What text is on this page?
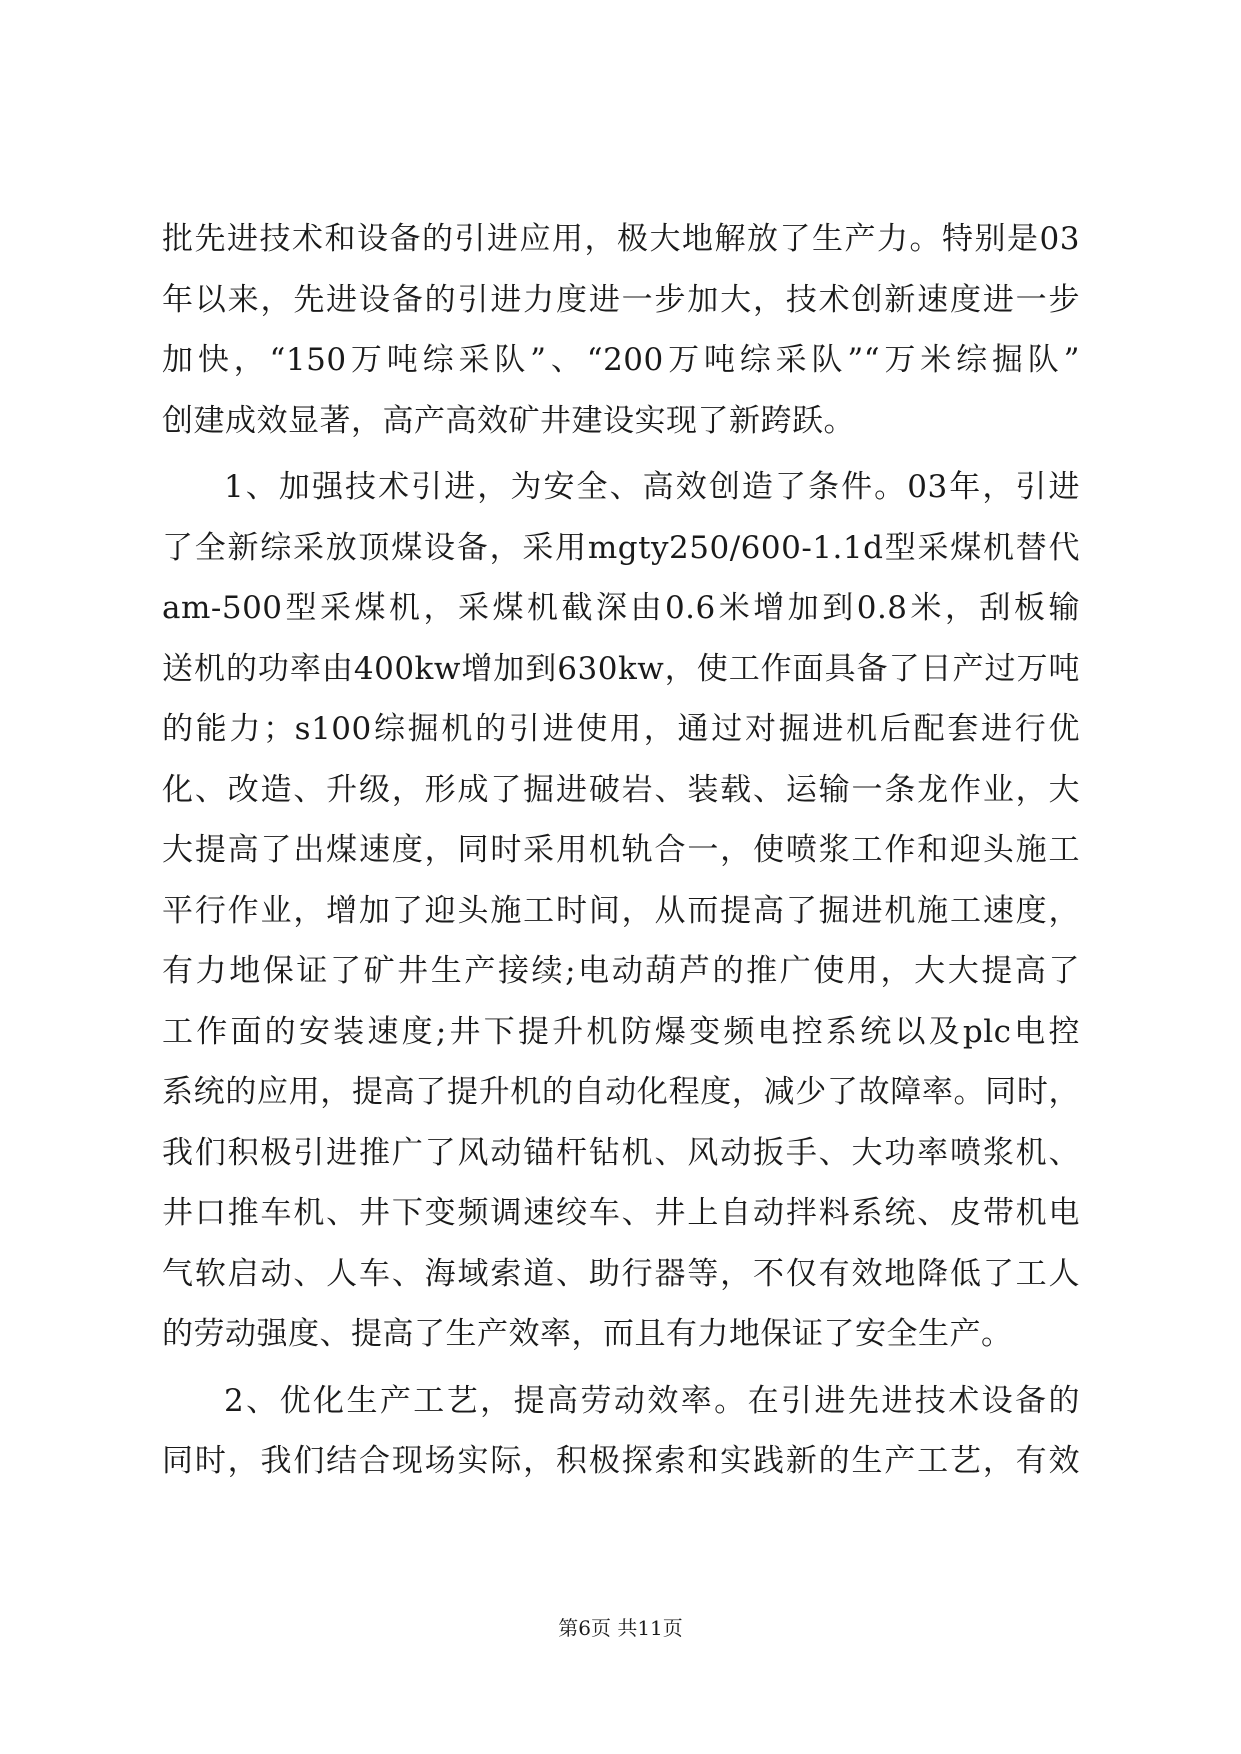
批先进技术和设备的引进应用，极大地解放了生产力。特别是03
年以来，先进设备的引进力度进一步加大，技术创新速度进一步
加快，“150万吨综采队”、“200万吨综采队”“万米综掘队”
创建成效显著，高产高效矿井建设实现了新跨跃。
1、加强技术引进，为安全、高效创造了条件。03年，引进
了全新综采放顶煤设备，采用mgty250/600-1.1d型采煤机替代
am-500型采煤机，采煤机截深由0.6米增加到0.8米，刮板输
送机的功率由400kw增加到630kw，使工作面具备了日产过万吨
的能力；s100综掘机的引进使用，通过对掘进机后配套进行优
化、改造、升级，形成了掘进破岩、装载、运输一条龙作业，大
大提高了出煤速度，同时采用机轨合一，使喷浆工作和迎头施工
平行作业，增加了迎头施工时间，从而提高了掘进机施工速度，
有力地保证了矿井生产接续;电动葫芦的推广使用，大大提高了
工作面的安装速度;井下提升机防爆变频电控系统以及plc电控
系统的应用，提高了提升机的自动化程度，减少了故障率。同时，
我们积极引进推广了风动锚杆钻机、风动扳手、大功率喷浆机、
井口推车机、井下变频调速绞车、井上自动拌料系统、皮带机电
气软启动、人车、海域索道、助行器等，不仅有效地降低了工人
的劳动强度、提高了生产效率，而且有力地保证了安全生产。
2、优化生产工艺，提高劳动效率。在引进先进技术设备的
同时，我们结合现场实际，积极探索和实践新的生产工艺，有效
第6页 共11页
